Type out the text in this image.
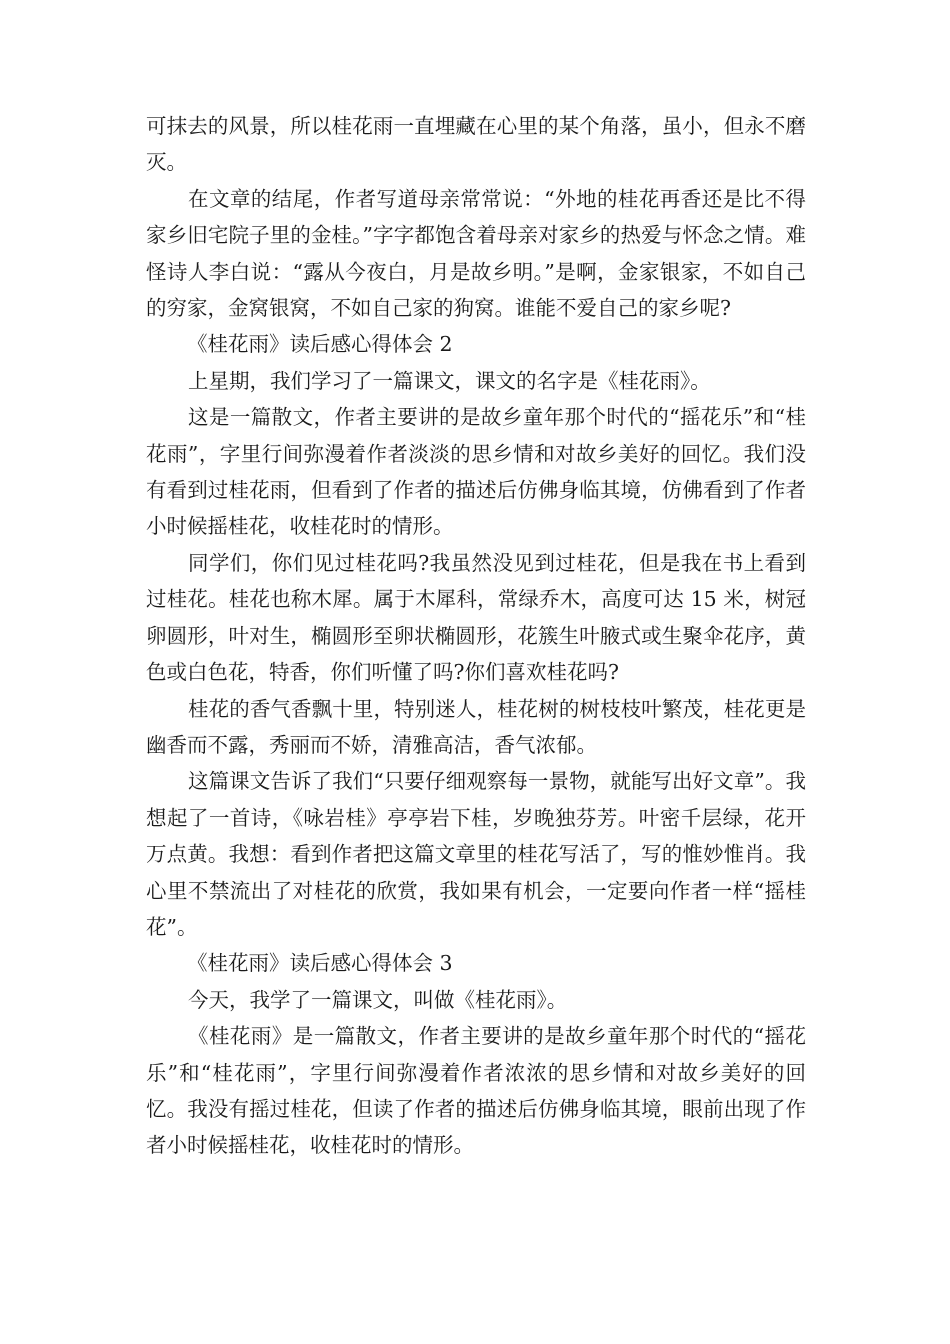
可抹去的风景，所以桂花雨一直埋藏在心里的某个角落，虽小，但永不磨灭。

在文章的结尾，作者写道母亲常常说：“外地的桂花再香还是比不得家乡旧宅院子里的金桂。”字字都饱含着母亲对家乡的热爱与怀念之情。难怪诗人李白说：“露从今夜白，月是故乡明。”是啊，金家银家，不如自己的穷家，金窝银窝，不如自己家的狗窝。谁能不爱自己的家乡呢?

《桂花雨》读后感心得体会 2

上星期，我们学习了一篇课文，课文的名字是《桂花雨》。

这是一篇散文，作者主要讲的是故乡童年那个时代的“摇花乐”和“桂花雨”，字里行间弥漫着作者淡淡的思乡情和对故乡美好的回忆。我们没有看到过桂花雨，但看到了作者的描述后仿佛身临其境，仿佛看到了作者小时候摇桂花，收桂花时的情形。

同学们，你们见过桂花吗?我虽然没见到过桂花，但是我在书上看到过桂花。桂花也称木犀。属于木犀科，常绿乔木，高度可达 15 米，树冠卵圆形，叶对生，椭圆形至卵状椭圆形，花簇生叶腋式或生聚伞花序，黄色或白色花，特香，你们听懂了吗?你们喜欢桂花吗?

桂花的香气香飘十里，特别迷人，桂花树的树枝枝叶繁茂，桂花更是幽香而不露，秀丽而不娇，清雅高洁，香气浓郁。

这篇课文告诉了我们“只要仔细观察每一景物，就能写出好文章”。我想起了一首诗，《咏岩桂》亭亭岩下桂，岁晚独芬芳。叶密千层绿，花开万点黄。我想：看到作者把这篇文章里的桂花写活了，写的惟妙惟肖。我心里不禁流出了对桂花的欣赏，我如果有机会，一定要向作者一样“摇桂花”。

《桂花雨》读后感心得体会 3

今天，我学了一篇课文，叫做《桂花雨》。

《桂花雨》是一篇散文，作者主要讲的是故乡童年那个时代的“摇花乐”和“桂花雨”，字里行间弥漫着作者浓浓的思乡情和对故乡美好的回忆。我没有摇过桂花，但读了作者的描述后仿佛身临其境，眼前出现了作者小时候摇桂花，收桂花时的情形。
